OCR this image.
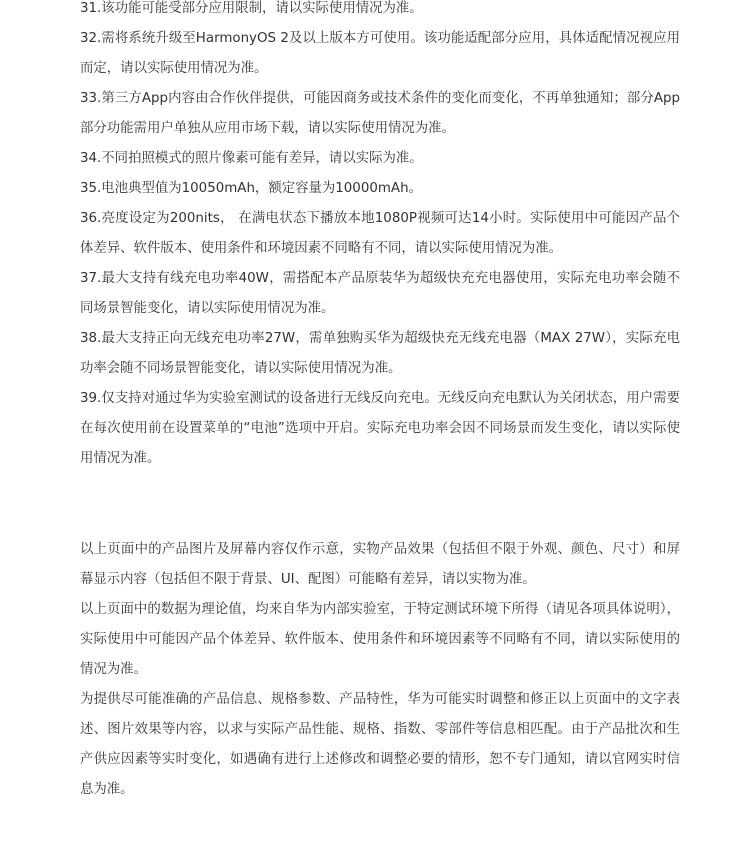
31.该功能可能受部分应用限制，请以实际使用情况为准。

32.需将系统升级至HarmonyOS 2及以上版本方可使用。该功能适配部分应用，具体适配情况视应用而定，请以实际使用情况为准。

33.第三方App内容由合作伙伴提供，可能因商务或技术条件的变化而变化，不再单独通知；部分App部分功能需用户单独从应用市场下载，请以实际使用情况为准。

34.不同拍照模式的照片像素可能有差异，请以实际为准。

35.电池典型值为10050mAh，额定容量为10000mAh。

36.亮度设定为200nits， 在满电状态下播放本地1080P视频可达14小时。实际使用中可能因产品个体差异、软件版本、使用条件和环境因素不同略有不同，请以实际使用情况为准。

37.最大支持有线充电功率40W，需搭配本产品原装华为超级快充充电器使用，实际充电功率会随不同场景智能变化，请以实际使用情况为准。

38.最大支持正向无线充电功率27W，需单独购买华为超级快充无线充电器（MAX 27W），实际充电功率会随不同场景智能变化，请以实际使用情况为准。

39.仅支持对通过华为实验室测试的设备进行无线反向充电。无线反向充电默认为关闭状态，用户需要在每次使用前在设置菜单的“电池”选项中开启。实际充电功率会因不同场景而发生变化，请以实际使用情况为准。

以上页面中的产品图片及屏幕内容仅作示意，实物产品效果（包括但不限于外观、颜色、尺寸）和屏幕显示内容（包括但不限于背景、UI、配图）可能略有差异，请以实物为准。

以上页面中的数据为理论值，均来自华为内部实验室，于特定测试环境下所得（请见各项具体说明），实际使用中可能因产品个体差异、软件版本、使用条件和环境因素等不同略有不同，请以实际使用的情况为准。

为提供尽可能准确的产品信息、规格参数、产品特性，华为可能实时调整和修正以上页面中的文字表述、图片效果等内容，以求与实际产品性能、规格、指数、零部件等信息相匹配。由于产品批次和生产供应因素等实时变化，如遇确有进行上述修改和调整必要的情形，恕不专门通知，请以官网实时信息为准。
